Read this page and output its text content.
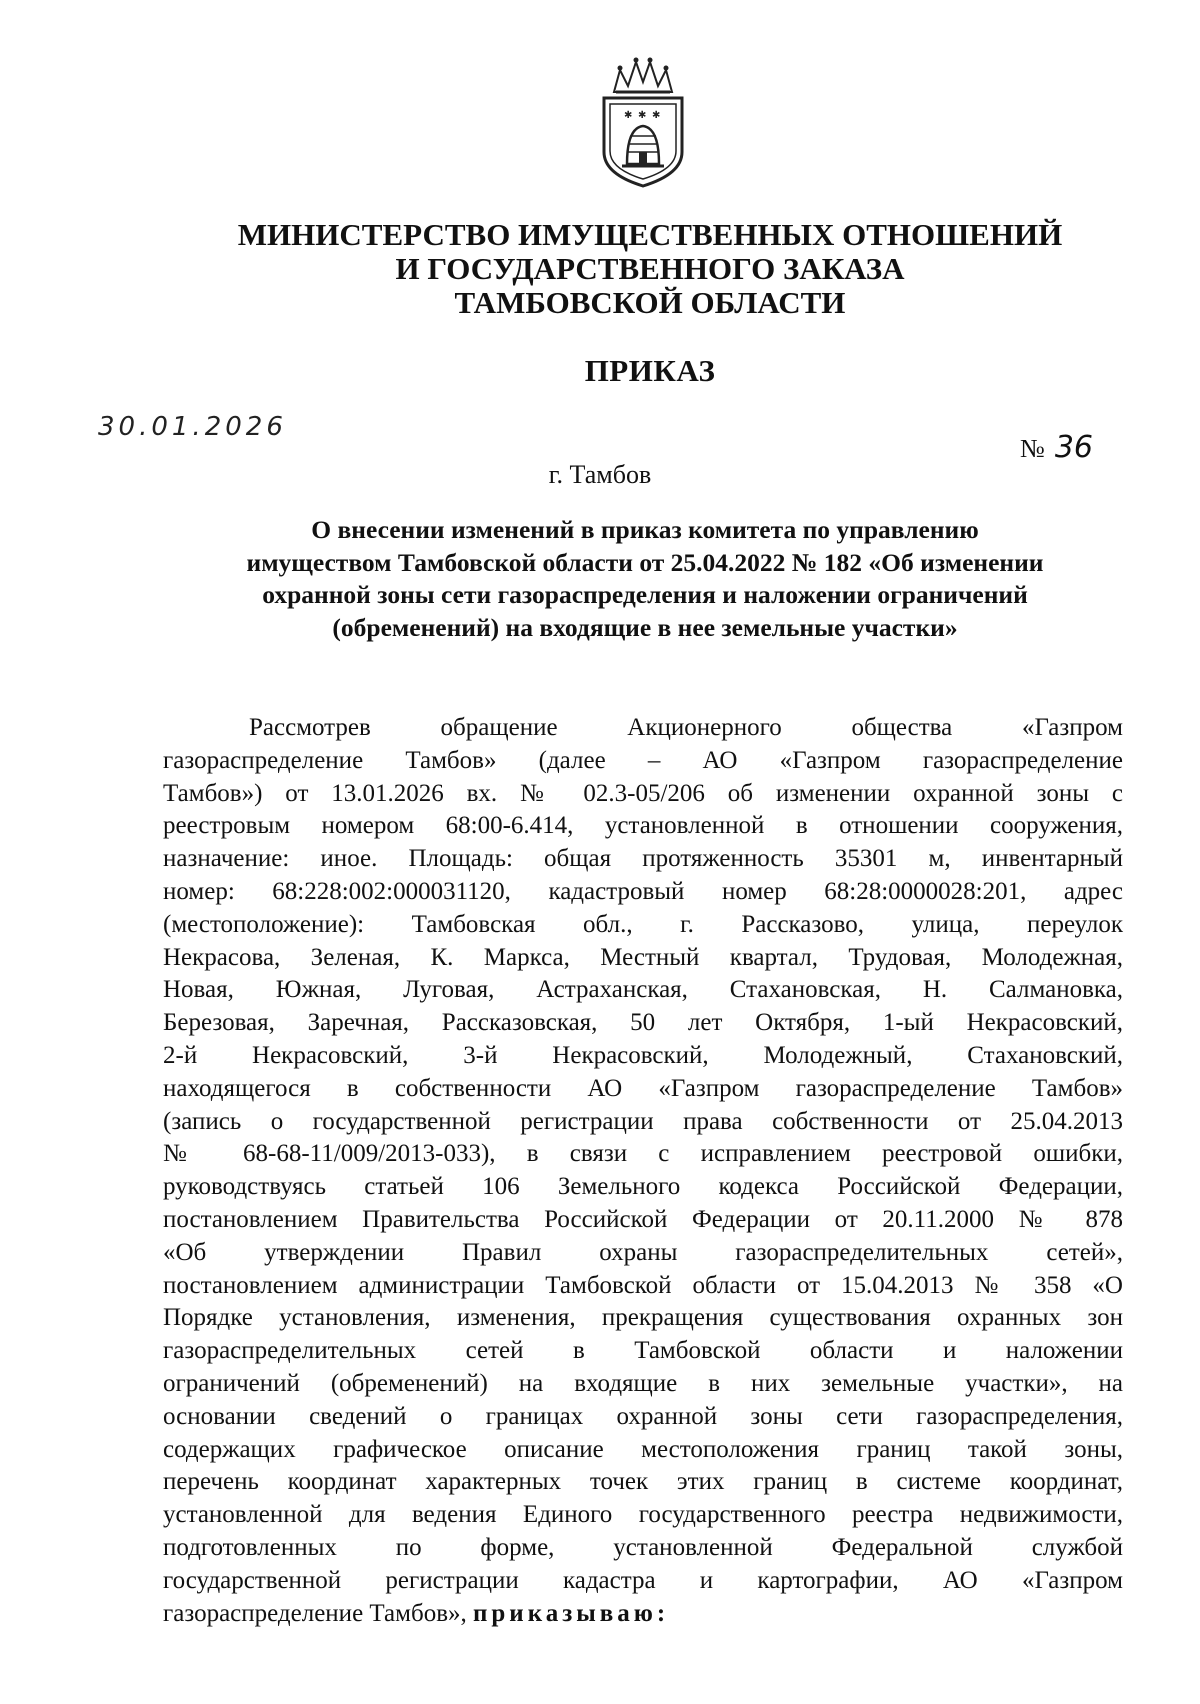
✱ ✱ ✱
МИНИСТЕРСТВО ИМУЩЕСТВЕННЫХ ОТНОШЕНИЙ
И ГОСУДАРСТВЕННОГО ЗАКАЗА
ТАМБОВСКОЙ ОБЛАСТИ
ПРИКАЗ
30.01.2026
№ 36
г. Тамбов
О внесении изменений в приказ комитета по управлению
имуществом Тамбовской области от 25.04.2022 № 182 «Об изменении
охранной зоны сети газораспределения и наложении ограничений
(обременений) на входящие в нее земельные участки»
Рассмотрев обращение Акционерного общества «Газпром
газораспределение Тамбов» (далее – АО «Газпром газораспределение
Тамбов») от 13.01.2026 вх. № 02.3-05/206 об изменении охранной зоны с
реестровым номером 68:00-6.414, установленной в отношении сооружения,
назначение: иное. Площадь: общая протяженность 35301 м, инвентарный
номер: 68:228:002:000031120, кадастровый номер 68:28:0000028:201, адрес
(местоположение): Тамбовская обл., г. Рассказово, улица, переулок
Некрасова, Зеленая, К. Маркса, Местный квартал, Трудовая, Молодежная,
Новая, Южная, Луговая, Астраханская, Стахановская, Н. Салмановка,
Березовая, Заречная, Рассказовская, 50 лет Октября, 1-ый Некрасовский,
2-й Некрасовский, 3-й Некрасовский, Молодежный, Стахановский,
находящегося в собственности АО «Газпром газораспределение Тамбов»
(запись о государственной регистрации права собственности от 25.04.2013
№ 68-68-11/009/2013-033), в связи с исправлением реестровой ошибки,
руководствуясь статьей 106 Земельного кодекса Российской Федерации,
постановлением Правительства Российской Федерации от 20.11.2000 № 878
«Об утверждении Правил охраны газораспределительных сетей»,
постановлением администрации Тамбовской области от 15.04.2013 № 358 «О
Порядке установления, изменения, прекращения существования охранных зон
газораспределительных сетей в Тамбовской области и наложении
ограничений (обременений) на входящие в них земельные участки», на
основании сведений о границах охранной зоны сети газораспределения,
содержащих графическое описание местоположения границ такой зоны,
перечень координат характерных точек этих границ в системе координат,
установленной для ведения Единого государственного реестра недвижимости,
подготовленных по форме, установленной Федеральной службой
государственной регистрации кадастра и картографии, АО «Газпром
газораспределение Тамбов», приказываю:
